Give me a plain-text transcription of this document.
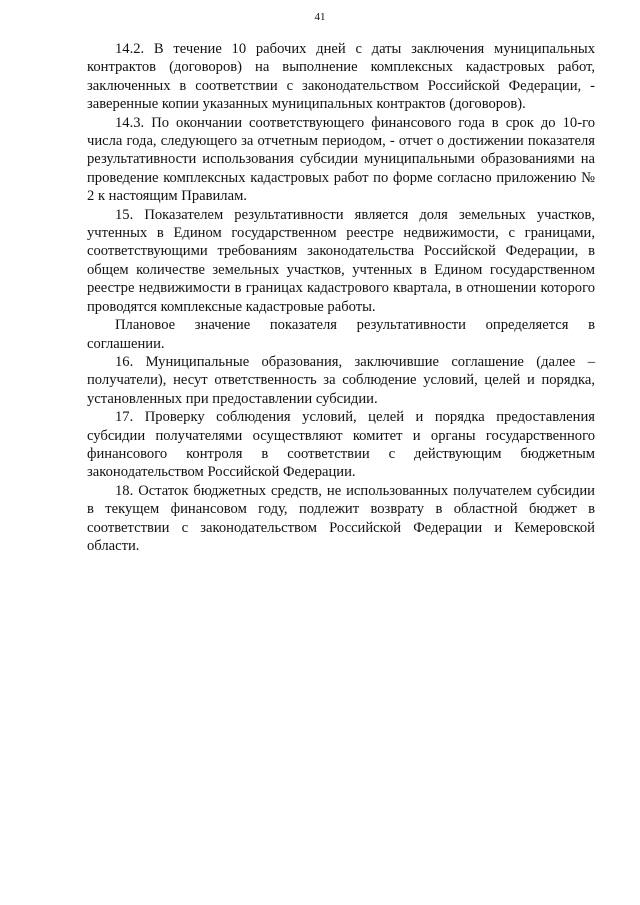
41

14.2. В течение 10 рабочих дней с даты заключения муниципальных контрактов (договоров) на выполнение комплексных кадастровых работ, заключенных в соответствии с законодательством Российской Федерации, - заверенные копии указанных муниципальных контрактов (договоров).

14.3. По окончании соответствующего финансового года в срок до 10-го числа года, следующего за отчетным периодом, - отчет о достижении показателя результативности использования субсидии муниципальными образованиями на проведение комплексных кадастровых работ по форме согласно приложению № 2 к настоящим Правилам.

15. Показателем результативности является доля земельных участков, учтенных в Едином государственном реестре недвижимости, с границами, соответствующими требованиям законодательства Российской Федерации, в общем количестве земельных участков, учтенных в Едином государственном реестре недвижимости в границах кадастрового квартала, в отношении которого проводятся комплексные кадастровые работы.

Плановое значение показателя результативности определяется в соглашении.

16. Муниципальные образования, заключившие соглашение (далее – получатели), несут ответственность за соблюдение условий, целей и порядка, установленных при предоставлении субсидии.

17. Проверку соблюдения условий, целей и порядка предоставления субсидии получателями осуществляют комитет и органы государственного финансового контроля в соответствии с действующим бюджетным законодательством Российской Федерации.

18. Остаток бюджетных средств, не использованных получателем субсидии в текущем финансовом году, подлежит возврату в областной бюджет в соответствии с законодательством Российской Федерации и Кемеровской области.
